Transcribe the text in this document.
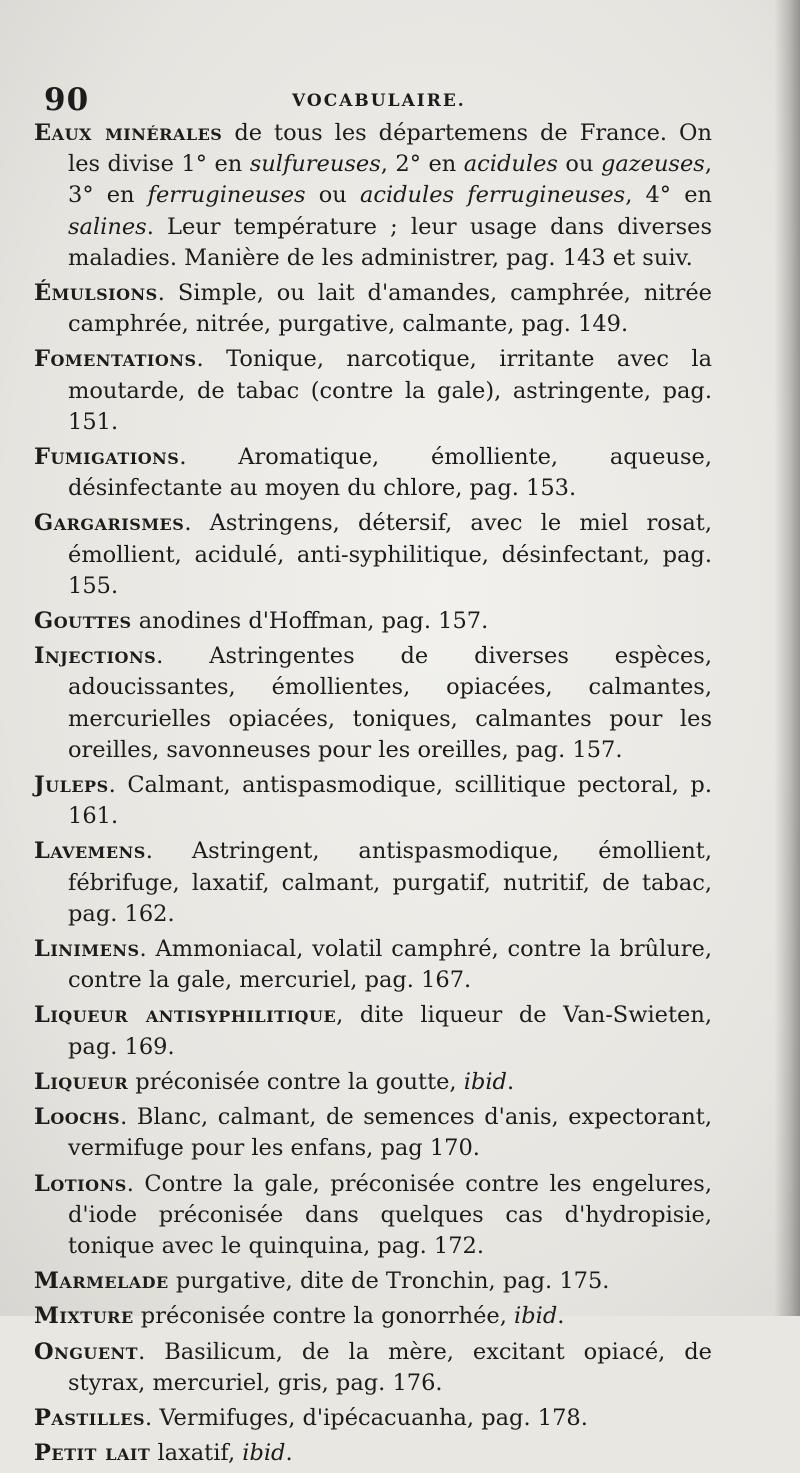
90	VOCABULAIRE.

Eaux minérales de tous les départemens de France. On les divise 1° en sulfureuses, 2° en acidules ou gazeuses, 3° en ferrugineuses ou acidules ferrugineuses, 4° en salines. Leur température ; leur usage dans diverses maladies. Manière de les administrer, pag. 143 et suiv.

Émulsions. Simple, ou lait d'amandes, camphrée, nitrée camphrée, nitrée, purgative, calmante, pag. 149.

Fomentations. Tonique, narcotique, irritante avec la moutarde, de tabac (contre la gale), astringente, pag. 151.

Fumigations. Aromatique, émolliente, aqueuse, désinfectante au moyen du chlore, pag. 153.

Gargarismes. Astringens, détersif, avec le miel rosat, émollient, acidulé, anti-syphilitique, désinfectant, pag. 155.

Gouttes anodines d'Hoffman, pag. 157.

Injections. Astringentes de diverses espèces, adoucissantes, émollientes, opiacées, calmantes, mercurielles opiacées, toniques, calmantes pour les oreilles, savonneuses pour les oreilles, pag. 157.

Juleps. Calmant, antispasmodique, scillitique pectoral, p. 161.

Lavemens. Astringent, antispasmodique, émollient, fébrifuge, laxatif, calmant, purgatif, nutritif, de tabac, pag. 162.

Linimens. Ammoniacal, volatil camphré, contre la brûlure, contre la gale, mercuriel, pag. 167.

Liqueur antisyphilitique, dite liqueur de Van-Swieten, pag. 169.

Liqueur préconisée contre la goutte, ibid.

Loochs. Blanc, calmant, de semences d'anis, expectorant, vermifuge pour les enfans, pag 170.

Lotions. Contre la gale, préconisée contre les engelures, d'iode préconisée dans quelques cas d'hydropisie, tonique avec le quinquina, pag. 172.

Marmelade purgative, dite de Tronchin, pag. 175.

Mixture préconisée contre la gonorrhée, ibid.

Onguent. Basilicum, de la mère, excitant opiacé, de styrax, mercuriel, gris, pag. 176.

Pastilles. Vermifuges, d'ipécacuanha, pag. 178.

Petit lait laxatif, ibid.
